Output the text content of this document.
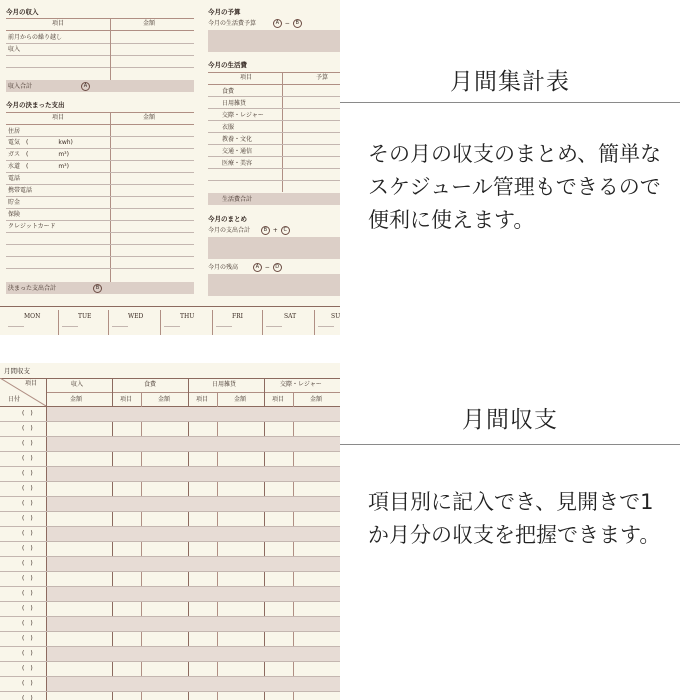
今月の収入
項目	金額
前月からの繰り越し
収入
収入合計	A
今月の決まった支出
項目	金額
住居
電気　(　　　　　kwh)
ガス　(　　　　　m³)
水道　(　　　　　m³)
電話
携帯電話
貯金
保険
クレジットカード
決まった支出合計	B
今月の予算
今月の生活費予算	A − B
今月の生活費
項目	予算
食費
日用雑貨
交際・レジャー
衣服
教養・文化
交通・通信
医療・美容
生活費合計
今月のまとめ
今月の支出合計	B + C
今月の残高	A − D
MON	TUE	WED	THU	FRI	SAT	SU
月間収支
項目
日付
収入	食費	日用雑貨	交際・レジャー
金額	項目	金額	項目	金額	項目	金額
(　)
(　)
(　)
(　)
(　)
(　)
(　)
(　)
(　)
(　)
(　)
(　)
(　)
(　)
(　)
(　)
(　)
(　)
(　)
(　)
月間集計表
その月の収支のまとめ、簡単なスケジュール管理もできるので便利に使えます。
月間収支
項目別に記入でき、見開きで1か月分の収支を把握できます。
